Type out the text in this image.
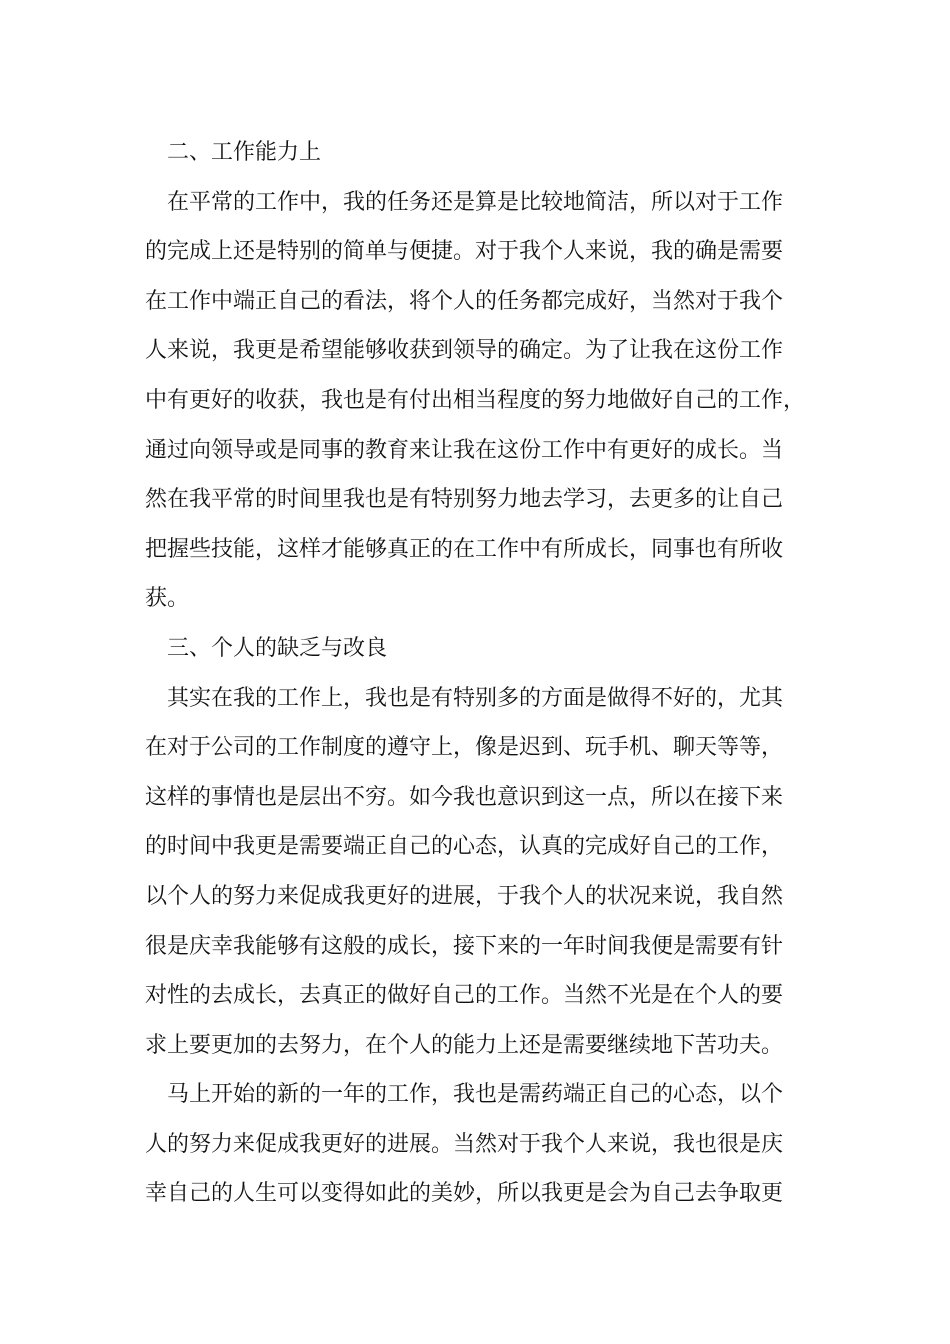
二、工作能力上
在平常的工作中，我的任务还是算是比较地简洁，所以对于工作
的完成上还是特别的简单与便捷。对于我个人来说，我的确是需要
在工作中端正自己的看法，将个人的任务都完成好，当然对于我个
人来说，我更是希望能够收获到领导的确定。为了让我在这份工作
中有更好的收获，我也是有付出相当程度的努力地做好自己的工作，
通过向领导或是同事的教育来让我在这份工作中有更好的成长。当
然在我平常的时间里我也是有特别努力地去学习，去更多的让自己
把握些技能，这样才能够真正的在工作中有所成长，同事也有所收
获。
三、个人的缺乏与改良
其实在我的工作上，我也是有特别多的方面是做得不好的，尤其
在对于公司的工作制度的遵守上，像是迟到、玩手机、聊天等等，
这样的事情也是层出不穷。如今我也意识到这一点，所以在接下来
的时间中我更是需要端正自己的心态，认真的完成好自己的工作，
以个人的努力来促成我更好的进展，于我个人的状况来说，我自然
很是庆幸我能够有这般的成长，接下来的一年时间我便是需要有针
对性的去成长，去真正的做好自己的工作。当然不光是在个人的要
求上要更加的去努力，在个人的能力上还是需要继续地下苦功夫。
马上开始的新的一年的工作，我也是需药端正自己的心态，以个
人的努力来促成我更好的进展。当然对于我个人来说，我也很是庆
幸自己的人生可以变得如此的美妙，所以我更是会为自己去争取更
